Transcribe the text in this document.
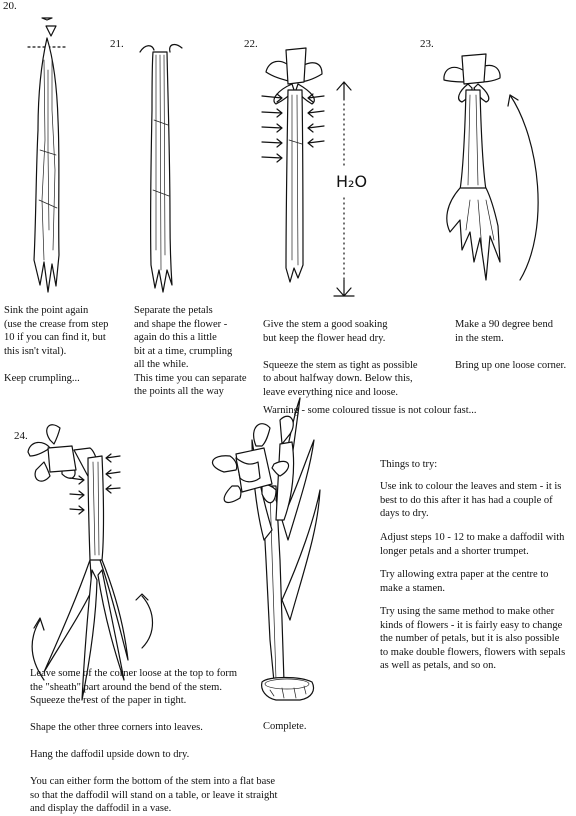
20.
21.	22.	23.
24.
H₂O

Sink the point again
(use the crease from step
10 if you can find it, but
this isn't vital).

Keep crumpling...

Separate the petals
and shape the flower -
again do this a little
bit at a time, crumpling
all the while.
This time you can separate
the points all the way

Give the stem a good soaking
but keep the flower head dry.

Squeeze the stem as tight as possible
to about halfway down. Below this,
leave everything nice and loose.

Make a 90 degree bend
in the stem.

Bring up one loose corner.

Warning - some coloured tissue is not colour fast...

Leave some of the corner loose at the top to form
the "sheath" part around the bend of the stem.
Squeeze the rest of the paper in tight.

Shape the other three corners into leaves.

Hang the daffodil upside down to dry.

You can either form the bottom of the stem into a flat base
so that the daffodil will stand on a table, or leave it straight
and display the daffodil in a vase.

Complete.

Things to try:

Use ink to colour the leaves and stem - it is
best to do this after it has had a couple of
days to dry.

Adjust steps 10 - 12 to make a daffodil with
longer petals and a shorter trumpet.

Try allowing extra paper at the centre to
make a stamen.

Try using the same method to make other
kinds of flowers - it is fairly easy to change
the number of petals, but it is also possible
to make double flowers, flowers with sepals
as well as petals, and so on.
